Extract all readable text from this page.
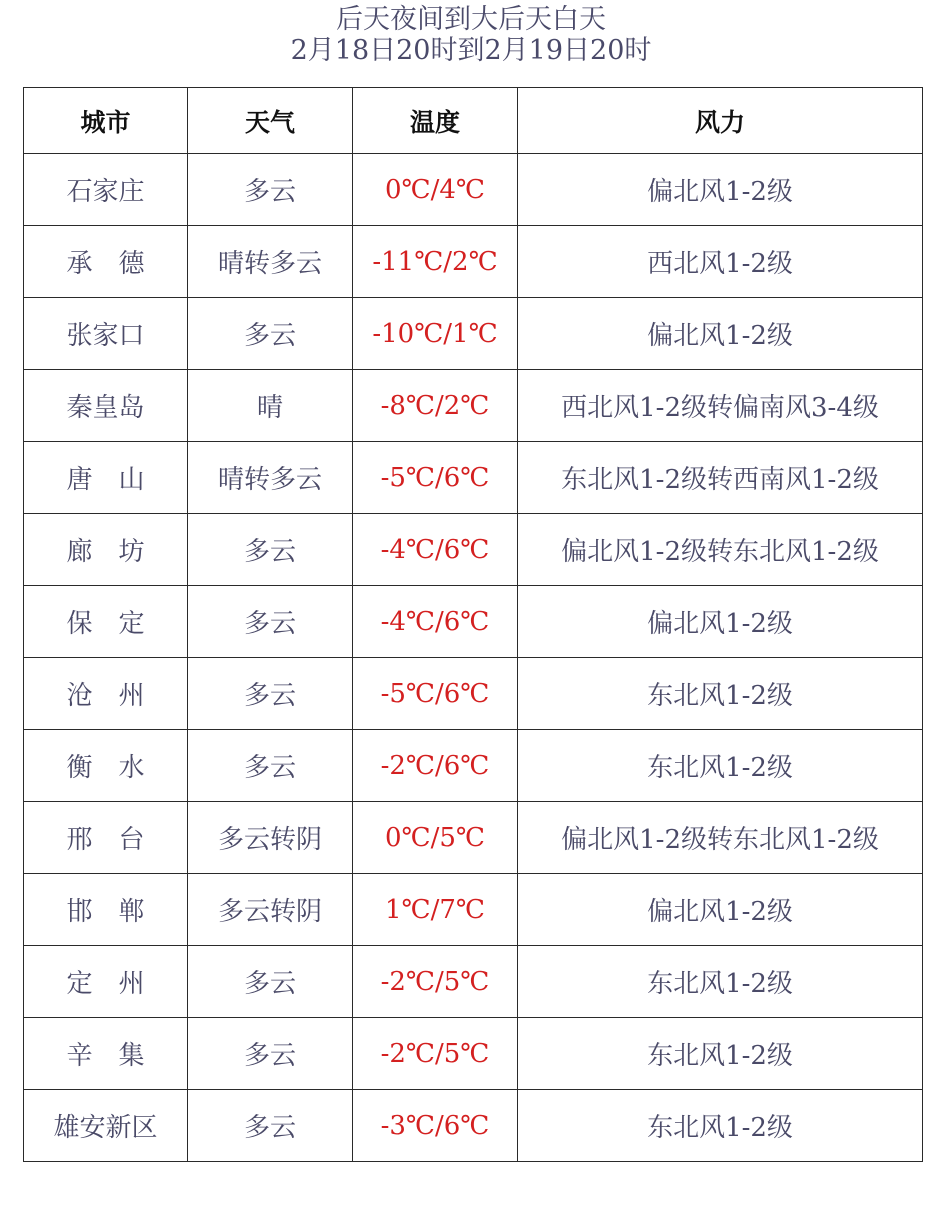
后天夜间到大后天白天
2月18日20时到2月19日20时
城市	天气	温度	风力
石家庄	多云	0℃/4℃	偏北风1-2级
承　德	晴转多云	-11℃/2℃	西北风1-2级
张家口	多云	-10℃/1℃	偏北风1-2级
秦皇岛	晴	-8℃/2℃	西北风1-2级转偏南风3-4级
唐　山	晴转多云	-5℃/6℃	东北风1-2级转西南风1-2级
廊　坊	多云	-4℃/6℃	偏北风1-2级转东北风1-2级
保　定	多云	-4℃/6℃	偏北风1-2级
沧　州	多云	-5℃/6℃	东北风1-2级
衡　水	多云	-2℃/6℃	东北风1-2级
邢　台	多云转阴	0℃/5℃	偏北风1-2级转东北风1-2级
邯　郸	多云转阴	1℃/7℃	偏北风1-2级
定　州	多云	-2℃/5℃	东北风1-2级
辛　集	多云	-2℃/5℃	东北风1-2级
雄安新区	多云	-3℃/6℃	东北风1-2级
